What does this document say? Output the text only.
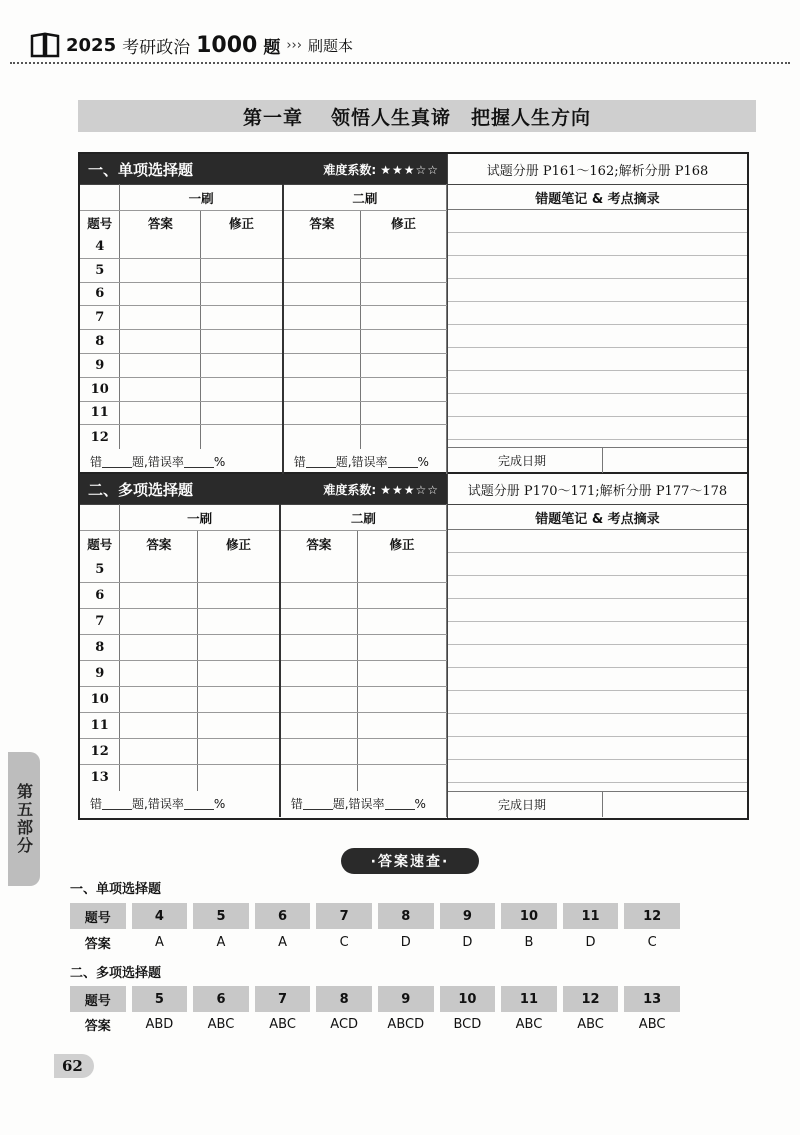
2025 考研政治 1000 题 ››› 刷题本
第一章 领悟人生真谛　把握人生方向
一、单项选择题	难度系数: ★★★☆☆	试题分册 P161～162;解析分册 P168
	一刷		二刷	
题号	答案	修正	答案	修正
4				
5				
6				
7				
8				
9				
10				
11				
12				
错 题,错误率 %			错 题,错误率 %	
错题笔记 & 考点摘录
完成日期
二、多项选择题	难度系数: ★★★☆☆	试题分册 P170～171;解析分册 P177～178
	一刷		二刷	
题号	答案	修正	答案	修正
5				
6				
7				
8				
9				
10				
11				
12				
13				
错 题,错误率 %			错 题,错误率 %	
错题笔记 & 考点摘录
完成日期
第五部分
·答案速查·
一、单项选择题
题号	4	5	6	7	8	9	10	11	12
答案	A	A	A	C	D	D	B	D	C
二、多项选择题
题号	5	6	7	8	9	10	11	12	13
答案	ABD	ABC	ABC	ACD	ABCD	BCD	ABC	ABC	ABC
62
